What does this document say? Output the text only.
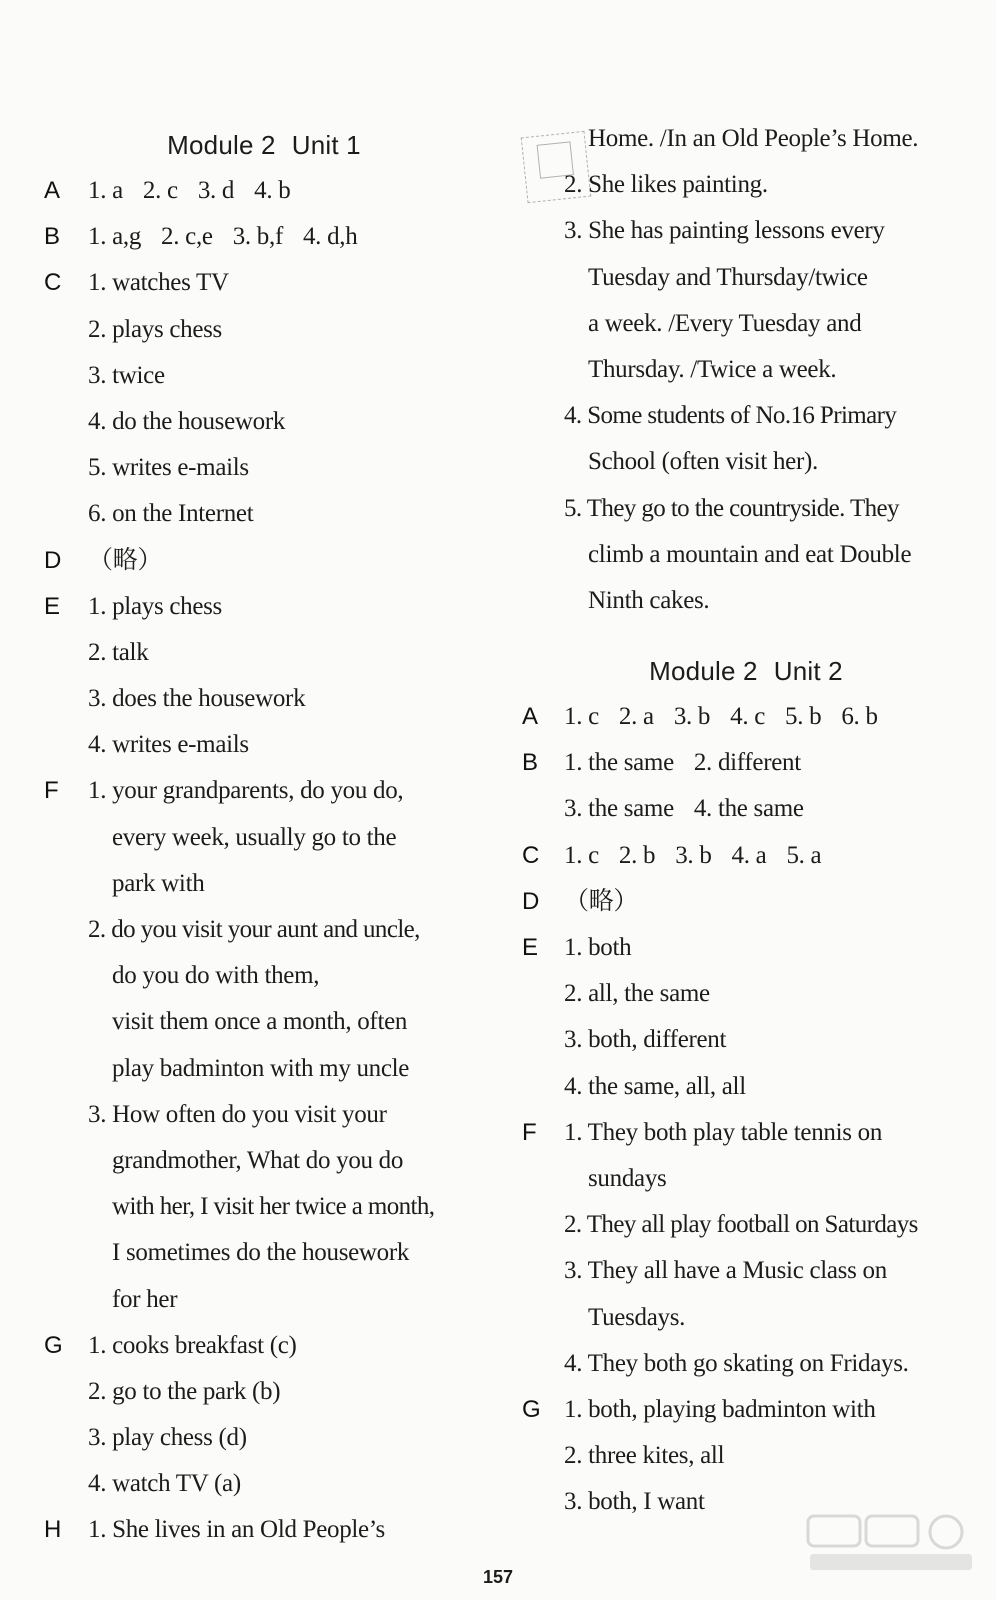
Module 2 Unit 1
A 1. a 2. c 3. d 4. b
B 1. a,g 2. c,e 3. b,f 4. d,h
C 1. watches TV
2. plays chess
3. twice
4. do the housework
5. writes e-mails
6. on the Internet
D （略）
E 1. plays chess
2. talk
3. does the housework
4. writes e-mails
F 1. your grandparents, do you do,
every week, usually go to the
park with
2. do you visit your aunt and uncle,
do you do with them,
visit them once a month, often
play badminton with my uncle
3. How often do you visit your
grandmother, What do you do
with her, I visit her twice a month,
I sometimes do the housework
for her
G 1. cooks breakfast (c)
2. go to the park (b)
3. play chess (d)
4. watch TV (a)
H 1. She lives in an Old People’s
Home. /In an Old People’s Home.
2. She likes painting.
3. She has painting lessons every
Tuesday and Thursday/twice
a week. /Every Tuesday and
Thursday. /Twice a week.
4. Some students of No.16 Primary
School (often visit her).
5. They go to the countryside. They
climb a mountain and eat Double
Ninth cakes.
Module 2 Unit 2
A 1. c 2. a 3. b 4. c 5. b 6. b
B 1. the same 2. different
3. the same 4. the same
C 1. c 2. b 3. b 4. a 5. a
D （略）
E 1. both
2. all, the same
3. both, different
4. the same, all, all
F 1. They both play table tennis on
sundays
2. They all play football on Saturdays
3. They all have a Music class on
Tuesdays.
4. They both go skating on Fridays.
G 1. both, playing badminton with
2. three kites, all
3. both, I want
157
